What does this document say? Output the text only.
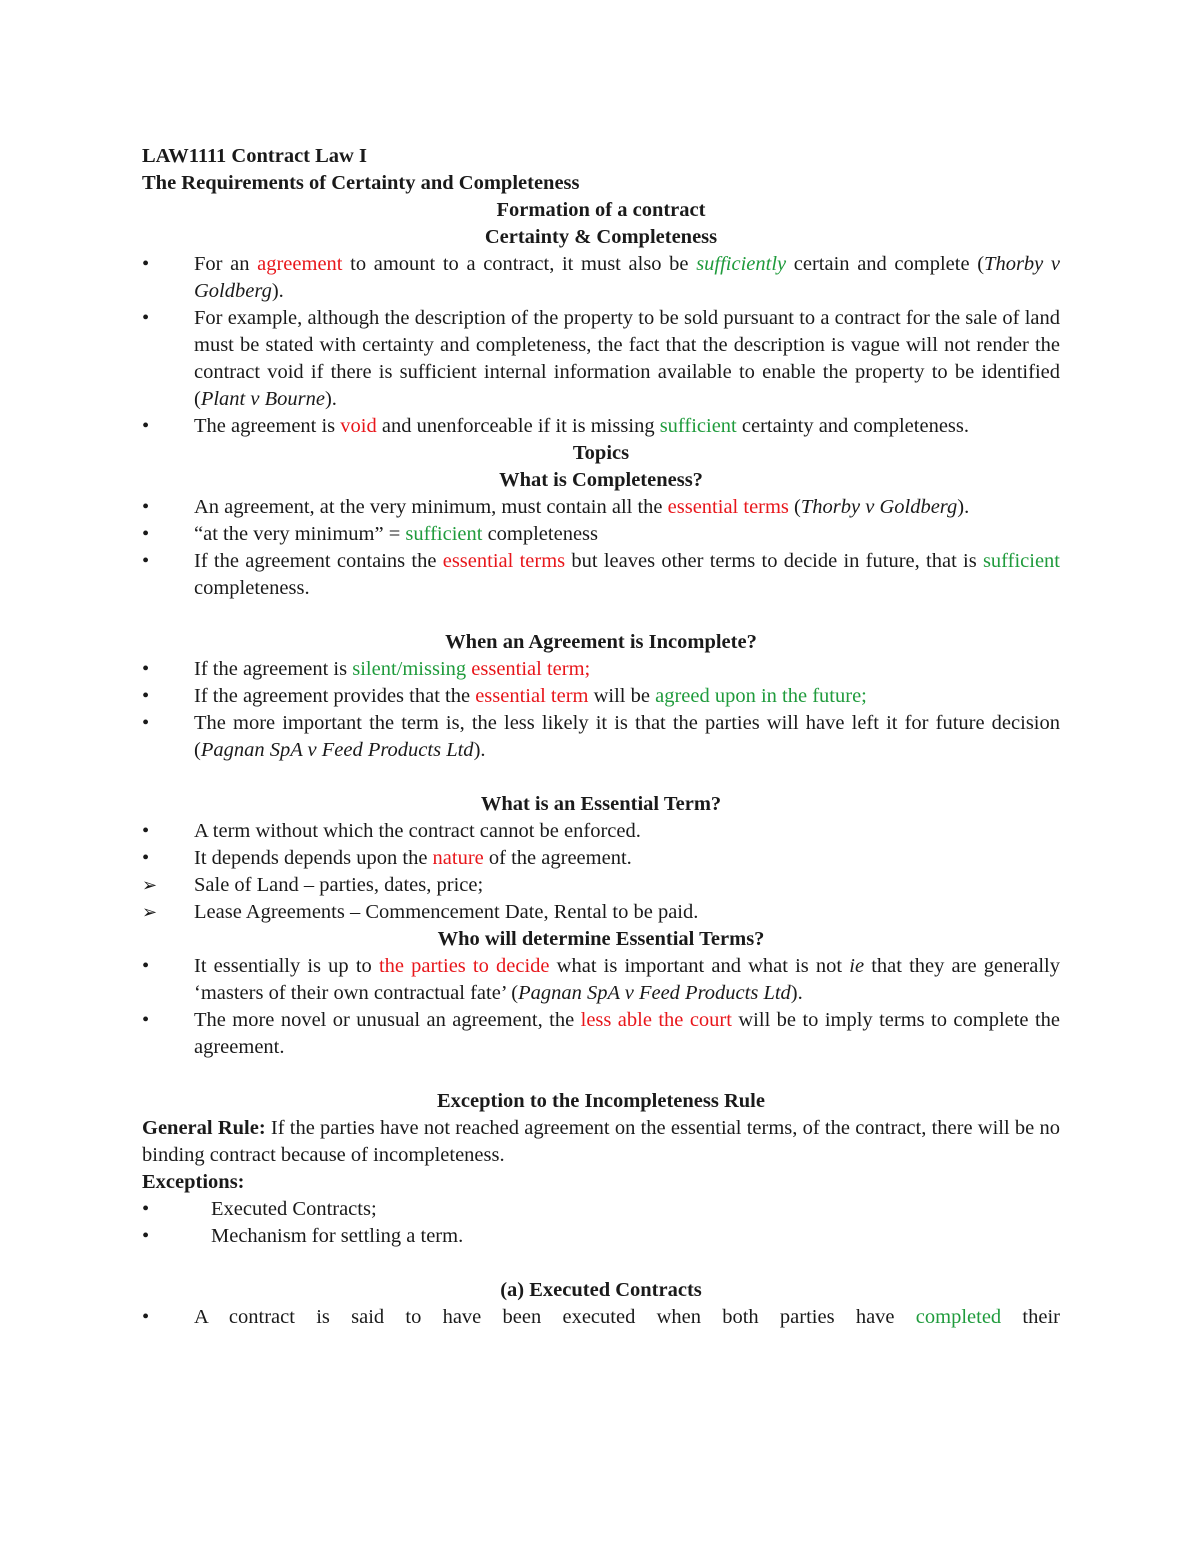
LAW1111 Contract Law I
The Requirements of Certainty and Completeness
Formation of a contract
Certainty & Completeness
•	For an agreement to amount to a contract, it must also be sufficiently certain and complete (Thorby v Goldberg).
•	For example, although the description of the property to be sold pursuant to a contract for the sale of land must be stated with certainty and completeness, the fact that the description is vague will not render the contract void if there is sufficient internal information available to enable the property to be identified (Plant v Bourne).
•	The agreement is void and unenforceable if it is missing sufficient certainty and completeness.
Topics
What is Completeness?
•	An agreement, at the very minimum, must contain all the essential terms (Thorby v Goldberg).
•	“at the very minimum” = sufficient completeness
•	If the agreement contains the essential terms but leaves other terms to decide in future, that is sufficient completeness.
When an Agreement is Incomplete?
•	If the agreement is silent/missing essential term;
•	If the agreement provides that the essential term will be agreed upon in the future;
•	The more important the term is, the less likely it is that the parties will have left it for future decision (Pagnan SpA v Feed Products Ltd).
What is an Essential Term?
•	A term without which the contract cannot be enforced.
•	It depends depends upon the nature of the agreement.
➢ Sale of Land – parties, dates, price;
➢ Lease Agreements – Commencement Date, Rental to be paid.
Who will determine Essential Terms?
•	It essentially is up to the parties to decide what is important and what is not ie that they are generally ‘masters of their own contractual fate’ (Pagnan SpA v Feed Products Ltd).
•	The more novel or unusual an agreement, the less able the court will be to imply terms to complete the agreement.
Exception to the Incompleteness Rule
General Rule: If the parties have not reached agreement on the essential terms, of the contract, there will be no binding contract because of incompleteness.
Exceptions:
•	Executed Contracts;
•	Mechanism for settling a term.
(a) Executed Contracts
•	A contract is said to have been executed when both parties have completed their
